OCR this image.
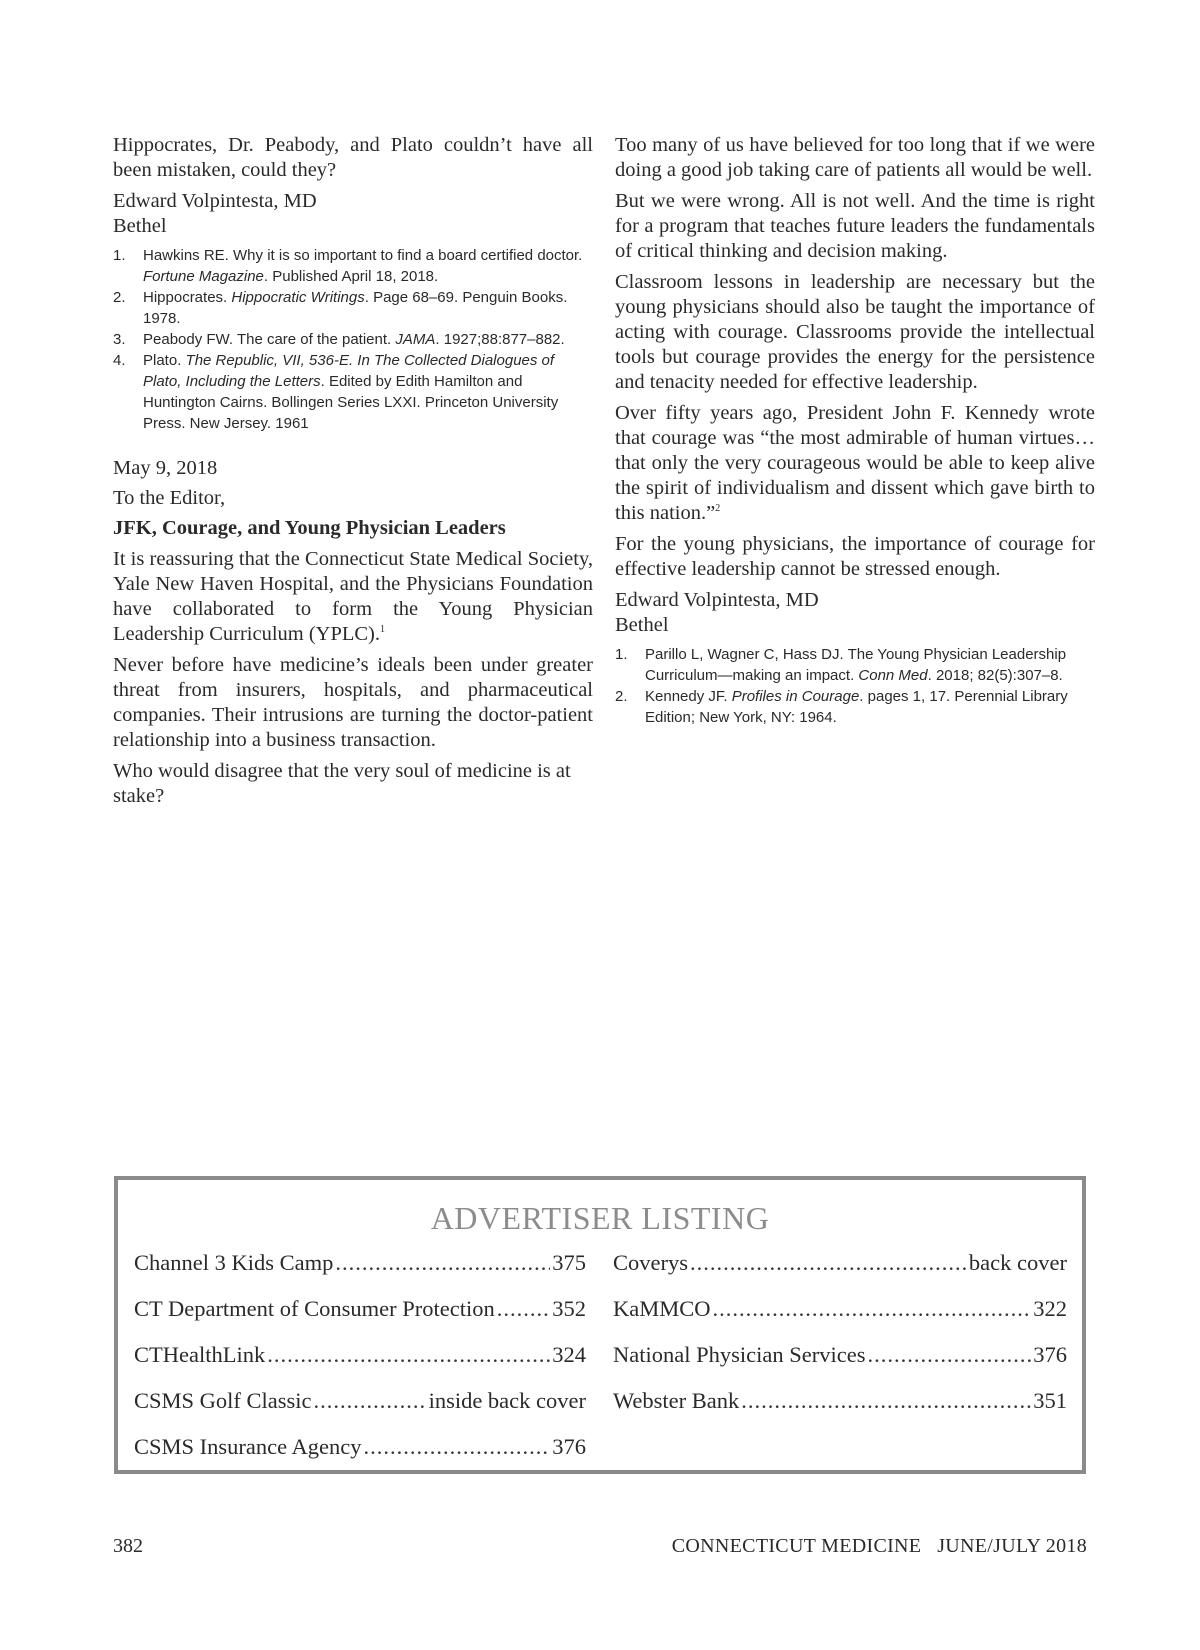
Hippocrates, Dr. Peabody, and Plato couldn’t have all been mistaken, could they?

Edward Volpintesta, MD

Bethel

1. Hawkins RE. Why it is so important to find a board certified doctor. Fortune Magazine. Published April 18, 2018.
2. Hippocrates. Hippocratic Writings. Page 68–69. Penguin Books. 1978.
3. Peabody FW. The care of the patient. JAMA. 1927;88:877–882.
4. Plato. The Republic, VII, 536-E. In The Collected Dialogues of Plato, Including the Letters. Edited by Edith Hamilton and Huntington Cairns. Bollingen Series LXXI. Princeton University Press. New Jersey. 1961

May 9, 2018

To the Editor,

JFK, Courage, and Young Physician Leaders

It is reassuring that the Connecticut State Medical Society, Yale New Haven Hospital, and the Physicians Foundation have collaborated to form the Young Physician Leadership Curriculum (YPLC).$^1$

Never before have medicine’s ideals been under greater threat from insurers, hospitals, and pharmaceutical companies. Their intrusions are turning the doctor-patient relationship into a business transaction.

Who would disagree that the very soul of medicine is at stake?

Too many of us have believed for too long that if we were doing a good job taking care of patients all would be well.

But we were wrong. All is not well. And the time is right for a program that teaches future leaders the fundamentals of critical thinking and decision making.

Classroom lessons in leadership are necessary but the young physicians should also be taught the importance of acting with courage. Classrooms provide the intellectual tools but courage provides the energy for the persistence and tenacity needed for effective leadership.

Over fifty years ago, President John F. Kennedy wrote that courage was “the most admirable of human virtues…that only the very courageous would be able to keep alive the spirit of individualism and dissent which gave birth to this nation.”$^2$

For the young physicians, the importance of courage for effective leadership cannot be stressed enough.

Edward Volpintesta, MD

Bethel

1. Parillo L, Wagner C, Hass DJ. The Young Physician Leadership Curriculum—making an impact. Conn Med. 2018; 82(5):307–8.
2. Kennedy JF. Profiles in Courage. pages 1, 17. Perennial Library Edition; New York, NY: 1964.
ADVERTISER LISTING
Channel 3 Kids Camp .....	375
CT Department of Consumer Protection .....	352
CTHealthLink .....	324
CSMS Golf Classic .....	inside back cover
CSMS Insurance Agency .....	376
Coverys .....	back cover
KaMMCO .....	322
National Physician Services .....	376
Webster Bank .....	351
382	CONNECTICUT MEDICINE   JUNE/JULY 2018
